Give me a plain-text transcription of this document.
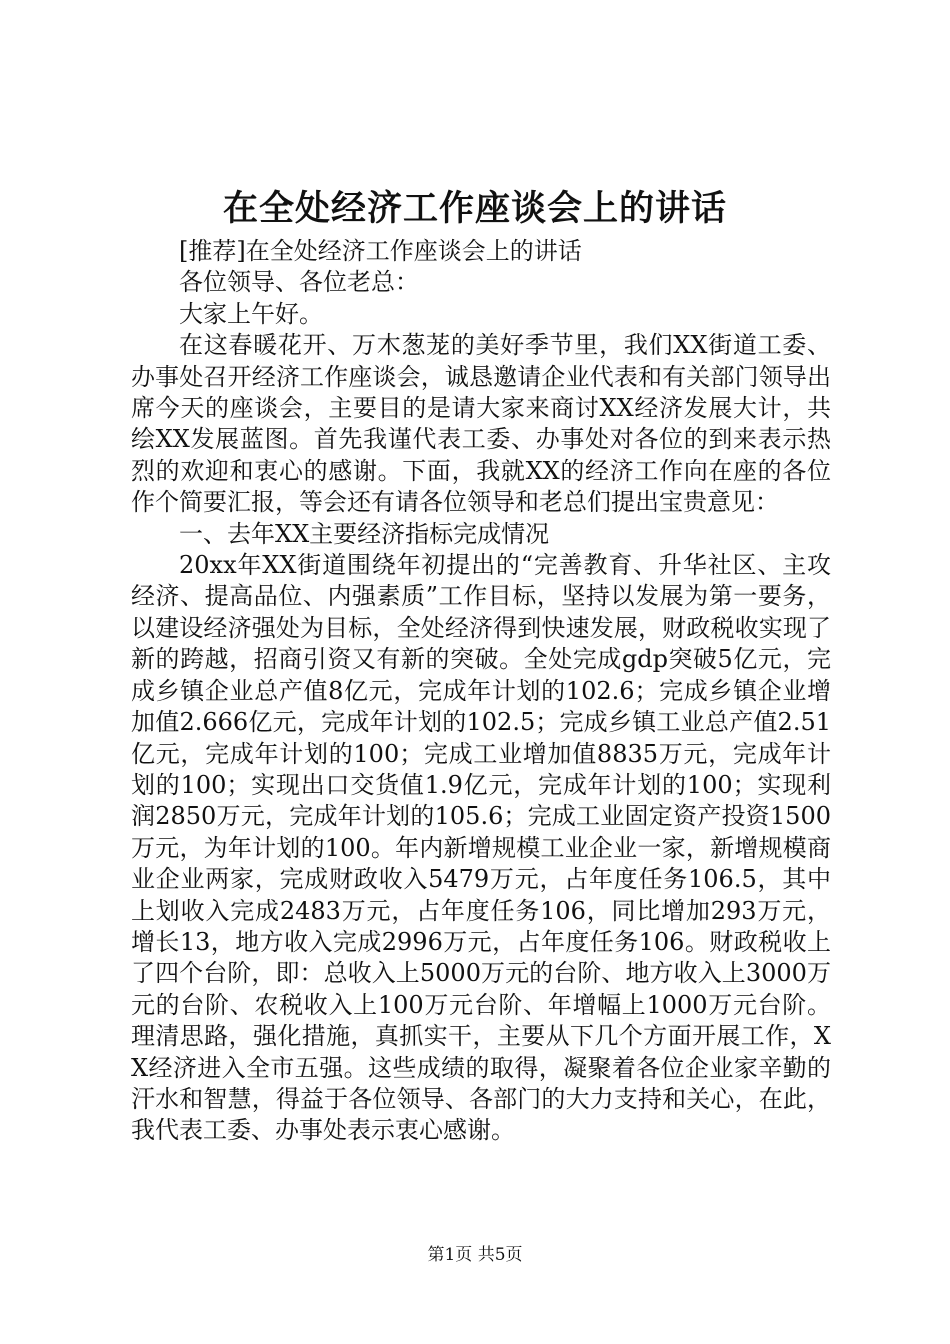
在全处经济工作座谈会上的讲话

[推荐]在全处经济工作座谈会上的讲话

各位领导、各位老总：

大家上午好。

在这春暖花开、万木葱茏的美好季节里，我们XX街道工委、办事处召开经济工作座谈会，诚恳邀请企业代表和有关部门领导出席今天的座谈会，主要目的是请大家来商讨XX经济发展大计，共绘XX发展蓝图。首先我谨代表工委、办事处对各位的到来表示热烈的欢迎和衷心的感谢。下面，我就XX的经济工作向在座的各位作个简要汇报，等会还有请各位领导和老总们提出宝贵意见：

一、去年XX主要经济指标完成情况

20xx年XX街道围绕年初提出的“完善教育、升华社区、主攻经济、提高品位、内强素质”工作目标，坚持以发展为第一要务，以建设经济强处为目标，全处经济得到快速发展，财政税收实现了新的跨越，招商引资又有新的突破。全处完成gdp突破5亿元，完成乡镇企业总产值8亿元，完成年计划的102.6；完成乡镇企业增加值2.666亿元，完成年计划的102.5；完成乡镇工业总产值2.51亿元，完成年计划的100；完成工业增加值8835万元，完成年计划的100；实现出口交货值1.9亿元，完成年计划的100；实现利润2850万元，完成年计划的105.6；完成工业固定资产投资1500万元，为年计划的100。年内新增规模工业企业一家，新增规模商业企业两家，完成财政收入5479万元，占年度任务106.5，其中上划收入完成2483万元，占年度任务106，同比增加293万元，增长13，地方收入完成2996万元，占年度任务106。财政税收上了四个台阶，即：总收入上5000万元的台阶、地方收入上3000万元的台阶、农税收入上100万元台阶、年增幅上1000万元台阶。理清思路，强化措施，真抓实干，主要从下几个方面开展工作，XX经济进入全市五强。这些成绩的取得，凝聚着各位企业家辛勤的汗水和智慧，得益于各位领导、各部门的大力支持和关心，在此，我代表工委、办事处表示衷心感谢。

第1页 共5页
